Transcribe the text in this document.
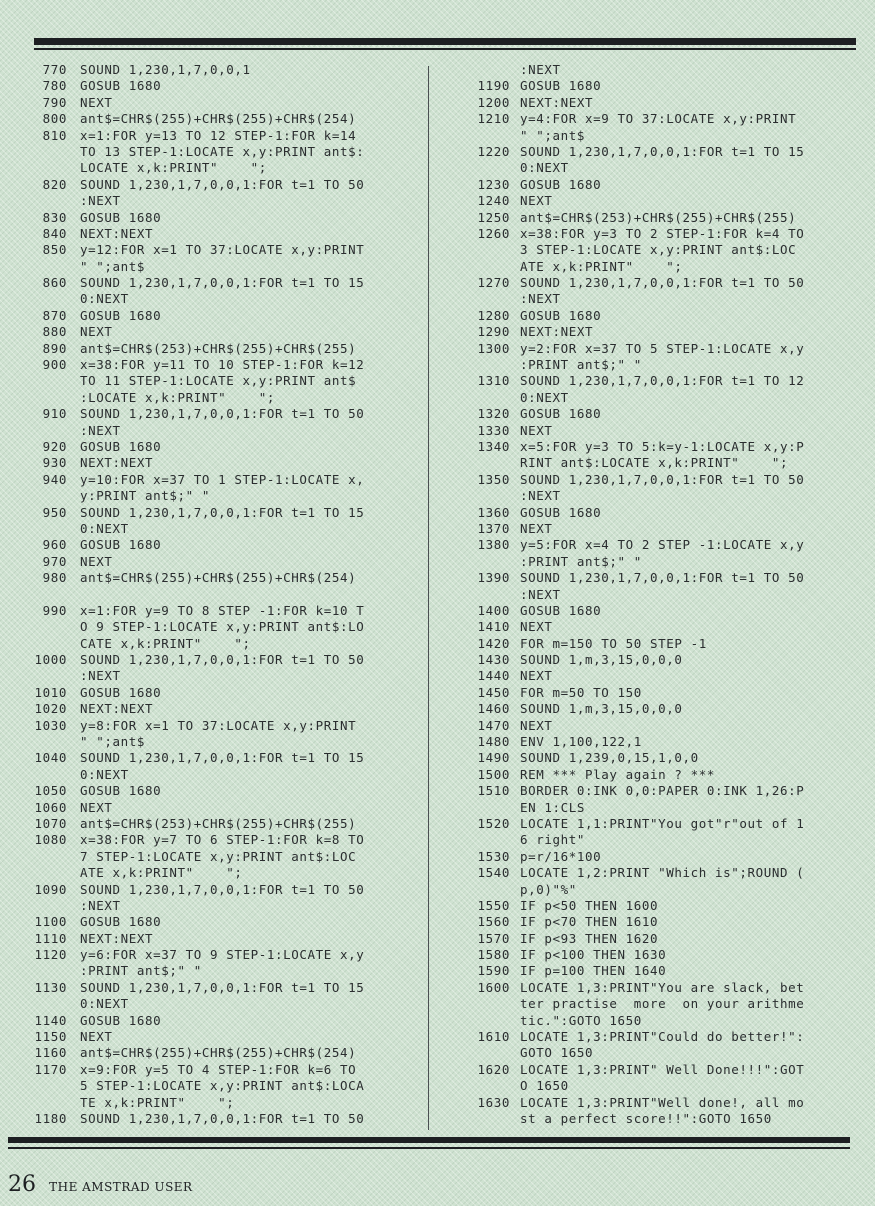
770 SOUND 1,230,1,7,0,0,1
780 GOSUB 1680
790 NEXT
800 ant$=CHR$(255)+CHR$(255)+CHR$(254)
810 x=1:FOR y=13 TO 12 STEP-1:FOR k=14
TO 13 STEP-1:LOCATE x,y:PRINT ant$:
LOCATE x,k:PRINT"    ";
820 SOUND 1,230,1,7,0,0,1:FOR t=1 TO 50
:NEXT
830 GOSUB 1680
840 NEXT:NEXT
850 y=12:FOR x=1 TO 37:LOCATE x,y:PRINT
" ";ant$
860 SOUND 1,230,1,7,0,0,1:FOR t=1 TO 15
0:NEXT
870 GOSUB 1680
880 NEXT
890 ant$=CHR$(253)+CHR$(255)+CHR$(255)
900 x=38:FOR y=11 TO 10 STEP-1:FOR k=12
TO 11 STEP-1:LOCATE x,y:PRINT ant$
:LOCATE x,k:PRINT"    ";
910 SOUND 1,230,1,7,0,0,1:FOR t=1 TO 50
:NEXT
920 GOSUB 1680
930 NEXT:NEXT
940 y=10:FOR x=37 TO 1 STEP-1:LOCATE x,
y:PRINT ant$;" "
950 SOUND 1,230,1,7,0,0,1:FOR t=1 TO 15
0:NEXT
960 GOSUB 1680
970 NEXT
980 ant$=CHR$(255)+CHR$(255)+CHR$(254)
990 x=1:FOR y=9 TO 8 STEP -1:FOR k=10 T
O 9 STEP-1:LOCATE x,y:PRINT ant$:LO
CATE x,k:PRINT"    ";
1000 SOUND 1,230,1,7,0,0,1:FOR t=1 TO 50
:NEXT
1010 GOSUB 1680
1020 NEXT:NEXT
1030 y=8:FOR x=1 TO 37:LOCATE x,y:PRINT
" ";ant$
1040 SOUND 1,230,1,7,0,0,1:FOR t=1 TO 15
0:NEXT
1050 GOSUB 1680
1060 NEXT
1070 ant$=CHR$(253)+CHR$(255)+CHR$(255)
1080 x=38:FOR y=7 TO 6 STEP-1:FOR k=8 TO
7 STEP-1:LOCATE x,y:PRINT ant$:LOC
ATE x,k:PRINT"    ";
1090 SOUND 1,230,1,7,0,0,1:FOR t=1 TO 50
:NEXT
1100 GOSUB 1680
1110 NEXT:NEXT
1120 y=6:FOR x=37 TO 9 STEP-1:LOCATE x,y
:PRINT ant$;" "
1130 SOUND 1,230,1,7,0,0,1:FOR t=1 TO 15
0:NEXT
1140 GOSUB 1680
1150 NEXT
1160 ant$=CHR$(255)+CHR$(255)+CHR$(254)
1170 x=9:FOR y=5 TO 4 STEP-1:FOR k=6 TO
5 STEP-1:LOCATE x,y:PRINT ant$:LOCA
TE x,k:PRINT"    ";
1180 SOUND 1,230,1,7,0,0,1:FOR t=1 TO 50
:NEXT
1190 GOSUB 1680
1200 NEXT:NEXT
1210 y=4:FOR x=9 TO 37:LOCATE x,y:PRINT
" ";ant$
1220 SOUND 1,230,1,7,0,0,1:FOR t=1 TO 15
0:NEXT
1230 GOSUB 1680
1240 NEXT
1250 ant$=CHR$(253)+CHR$(255)+CHR$(255)
1260 x=38:FOR y=3 TO 2 STEP-1:FOR k=4 TO
3 STEP-1:LOCATE x,y:PRINT ant$:LOC
ATE x,k:PRINT"    ";
1270 SOUND 1,230,1,7,0,0,1:FOR t=1 TO 50
:NEXT
1280 GOSUB 1680
1290 NEXT:NEXT
1300 y=2:FOR x=37 TO 5 STEP-1:LOCATE x,y
:PRINT ant$;" "
1310 SOUND 1,230,1,7,0,0,1:FOR t=1 TO 12
0:NEXT
1320 GOSUB 1680
1330 NEXT
1340 x=5:FOR y=3 TO 5:k=y-1:LOCATE x,y:P
RINT ant$:LOCATE x,k:PRINT"    ";
1350 SOUND 1,230,1,7,0,0,1:FOR t=1 TO 50
:NEXT
1360 GOSUB 1680
1370 NEXT
1380 y=5:FOR x=4 TO 2 STEP -1:LOCATE x,y
:PRINT ant$;" "
1390 SOUND 1,230,1,7,0,0,1:FOR t=1 TO 50
:NEXT
1400 GOSUB 1680
1410 NEXT
1420 FOR m=150 TO 50 STEP -1
1430 SOUND 1,m,3,15,0,0,0
1440 NEXT
1450 FOR m=50 TO 150
1460 SOUND 1,m,3,15,0,0,0
1470 NEXT
1480 ENV 1,100,122,1
1490 SOUND 1,239,0,15,1,0,0
1500 REM *** Play again ? ***
1510 BORDER 0:INK 0,0:PAPER 0:INK 1,26:P
EN 1:CLS
1520 LOCATE 1,1:PRINT"You got"r"out of 1
6 right"
1530 p=r/16*100
1540 LOCATE 1,2:PRINT "Which is";ROUND (
p,0)"%"
1550 IF p<50 THEN 1600
1560 IF p<70 THEN 1610
1570 IF p<93 THEN 1620
1580 IF p<100 THEN 1630
1590 IF p=100 THEN 1640
1600 LOCATE 1,3:PRINT"You are slack, bet
ter practise  more  on your arithme
tic.":GOTO 1650
1610 LOCATE 1,3:PRINT"Could do better!":
GOTO 1650
1620 LOCATE 1,3:PRINT" Well Done!!!":GOT
O 1650
1630 LOCATE 1,3:PRINT"Well done!, all mo
st a perfect score!!":GOTO 1650
26 THE AMSTRAD USER
